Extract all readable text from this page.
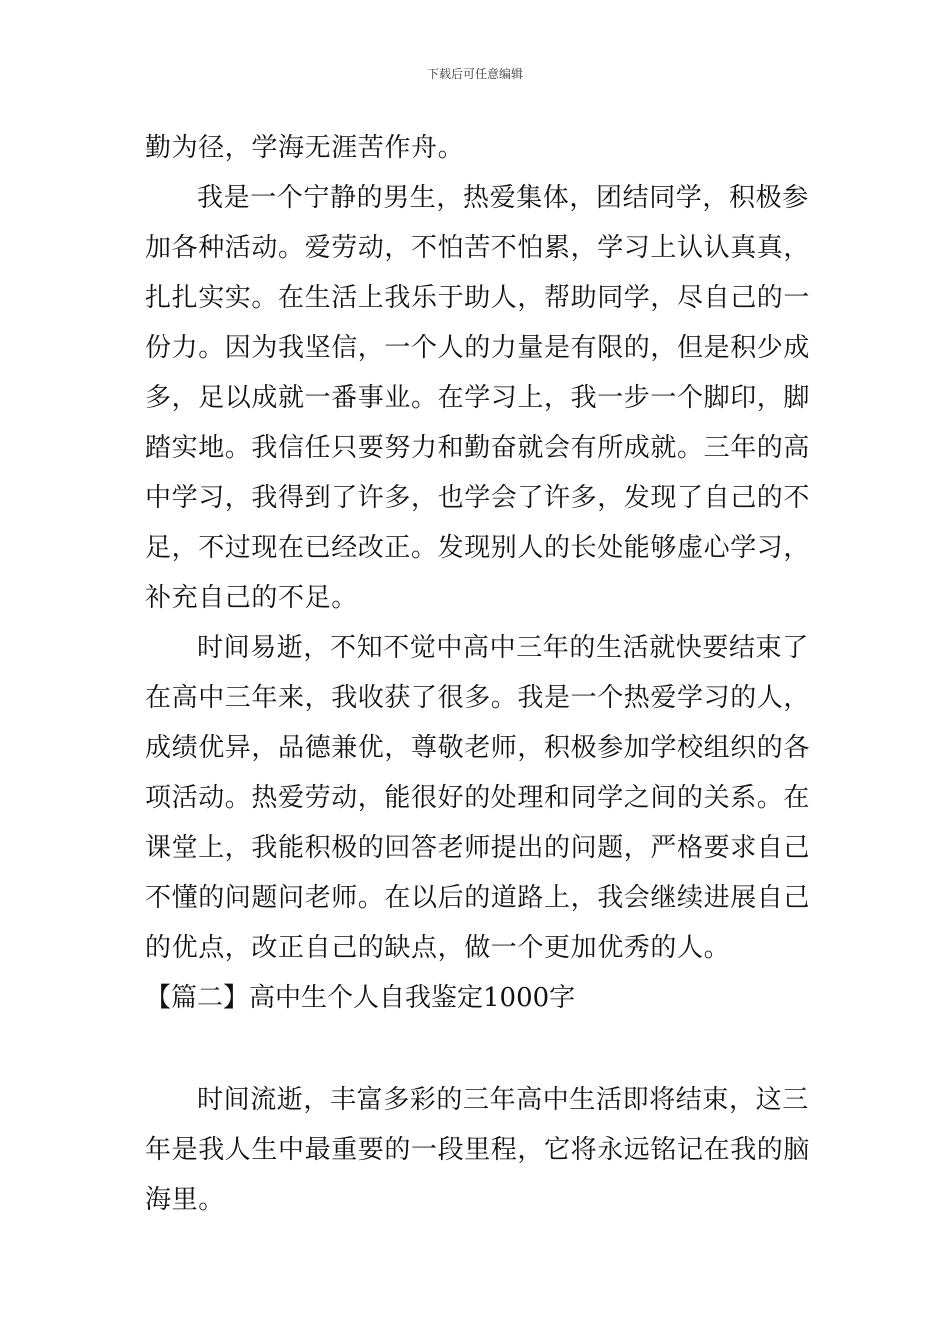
下载后可任意编辑
勤为径，学海无涯苦作舟。
我是一个宁静的男生，热爱集体，团结同学，积极参
加各种活动。爱劳动，不怕苦不怕累，学习上认认真真，
扎扎实实。在生活上我乐于助人，帮助同学，尽自己的一
份力。因为我坚信，一个人的力量是有限的，但是积少成
多，足以成就一番事业。在学习上，我一步一个脚印，脚
踏实地。我信任只要努力和勤奋就会有所成就。三年的高
中学习，我得到了许多，也学会了许多，发现了自己的不
足，不过现在已经改正。发现别人的长处能够虚心学习，
补充自己的不足。
时间易逝，不知不觉中高中三年的生活就快要结束了
在高中三年来，我收获了很多。我是一个热爱学习的人，
成绩优异，品德兼优，尊敬老师，积极参加学校组织的各
项活动。热爱劳动，能很好的处理和同学之间的关系。在
课堂上，我能积极的回答老师提出的问题，严格要求自己
不懂的问题问老师。在以后的道路上，我会继续进展自己
的优点，改正自己的缺点，做一个更加优秀的人。
【篇二】高中生个人自我鉴定1000字
时间流逝，丰富多彩的三年高中生活即将结束，这三
年是我人生中最重要的一段里程，它将永远铭记在我的脑
海里。
